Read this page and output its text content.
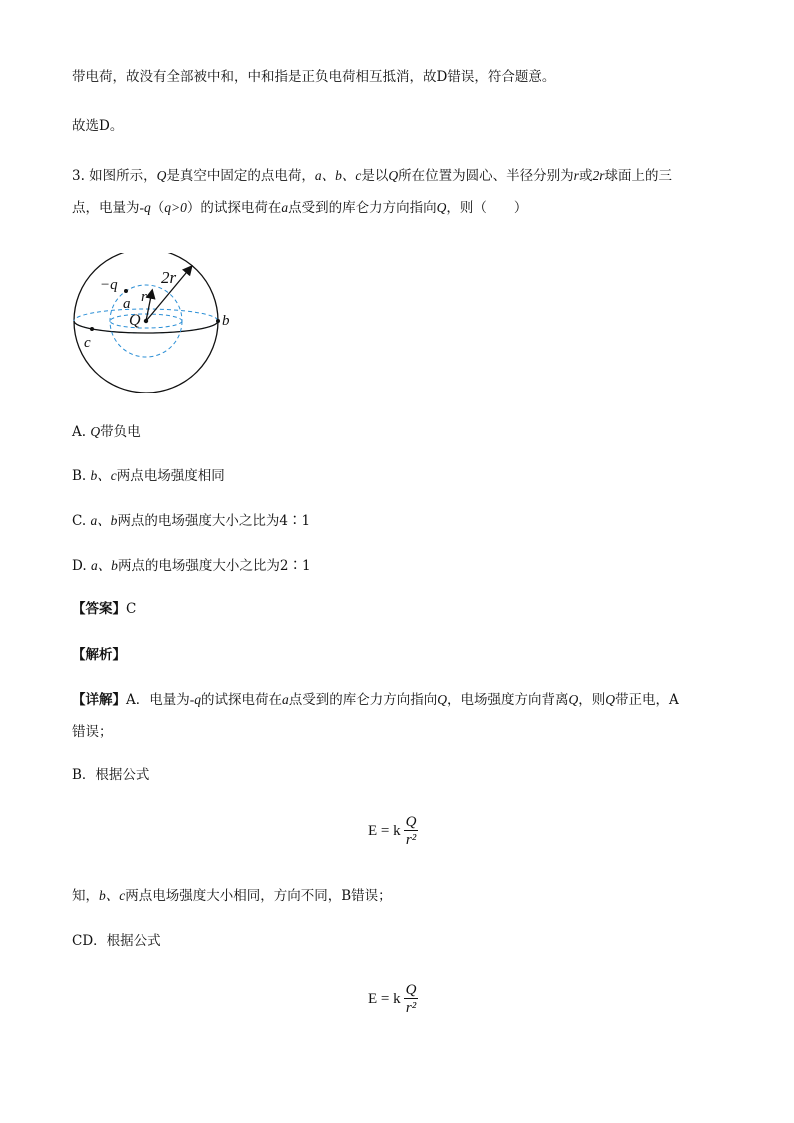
带电荷，故没有全部被中和，中和指是正负电荷相互抵消，故D错误，符合题意。
故选D。
3. 如图所示，Q是真空中固定的点电荷，a、b、c是以Q所在位置为圆心、半径分别为r或2r球面上的三
点，电量为-q（q>0）的试探电荷在a点受到的库仑力方向指向Q，则（　　）
−q
a r
2r
Q	b
c
A. Q带负电
B. b、c两点电场强度相同
C. a、b两点的电场强度大小之比为4∶1
D. a、b两点的电场强度大小之比为2∶1
【答案】C
【解析】
【详解】A．电量为-q的试探电荷在a点受到的库仑力方向指向Q，电场强度方向背离Q，则Q带正电，A
错误；
B．根据公式
E = k $\frac{Q}{\text{r²}}$
知，b、c两点电场强度大小相同，方向不同，B错误；
CD．根据公式
E = k $\frac{Q}{\text{r²}}$
